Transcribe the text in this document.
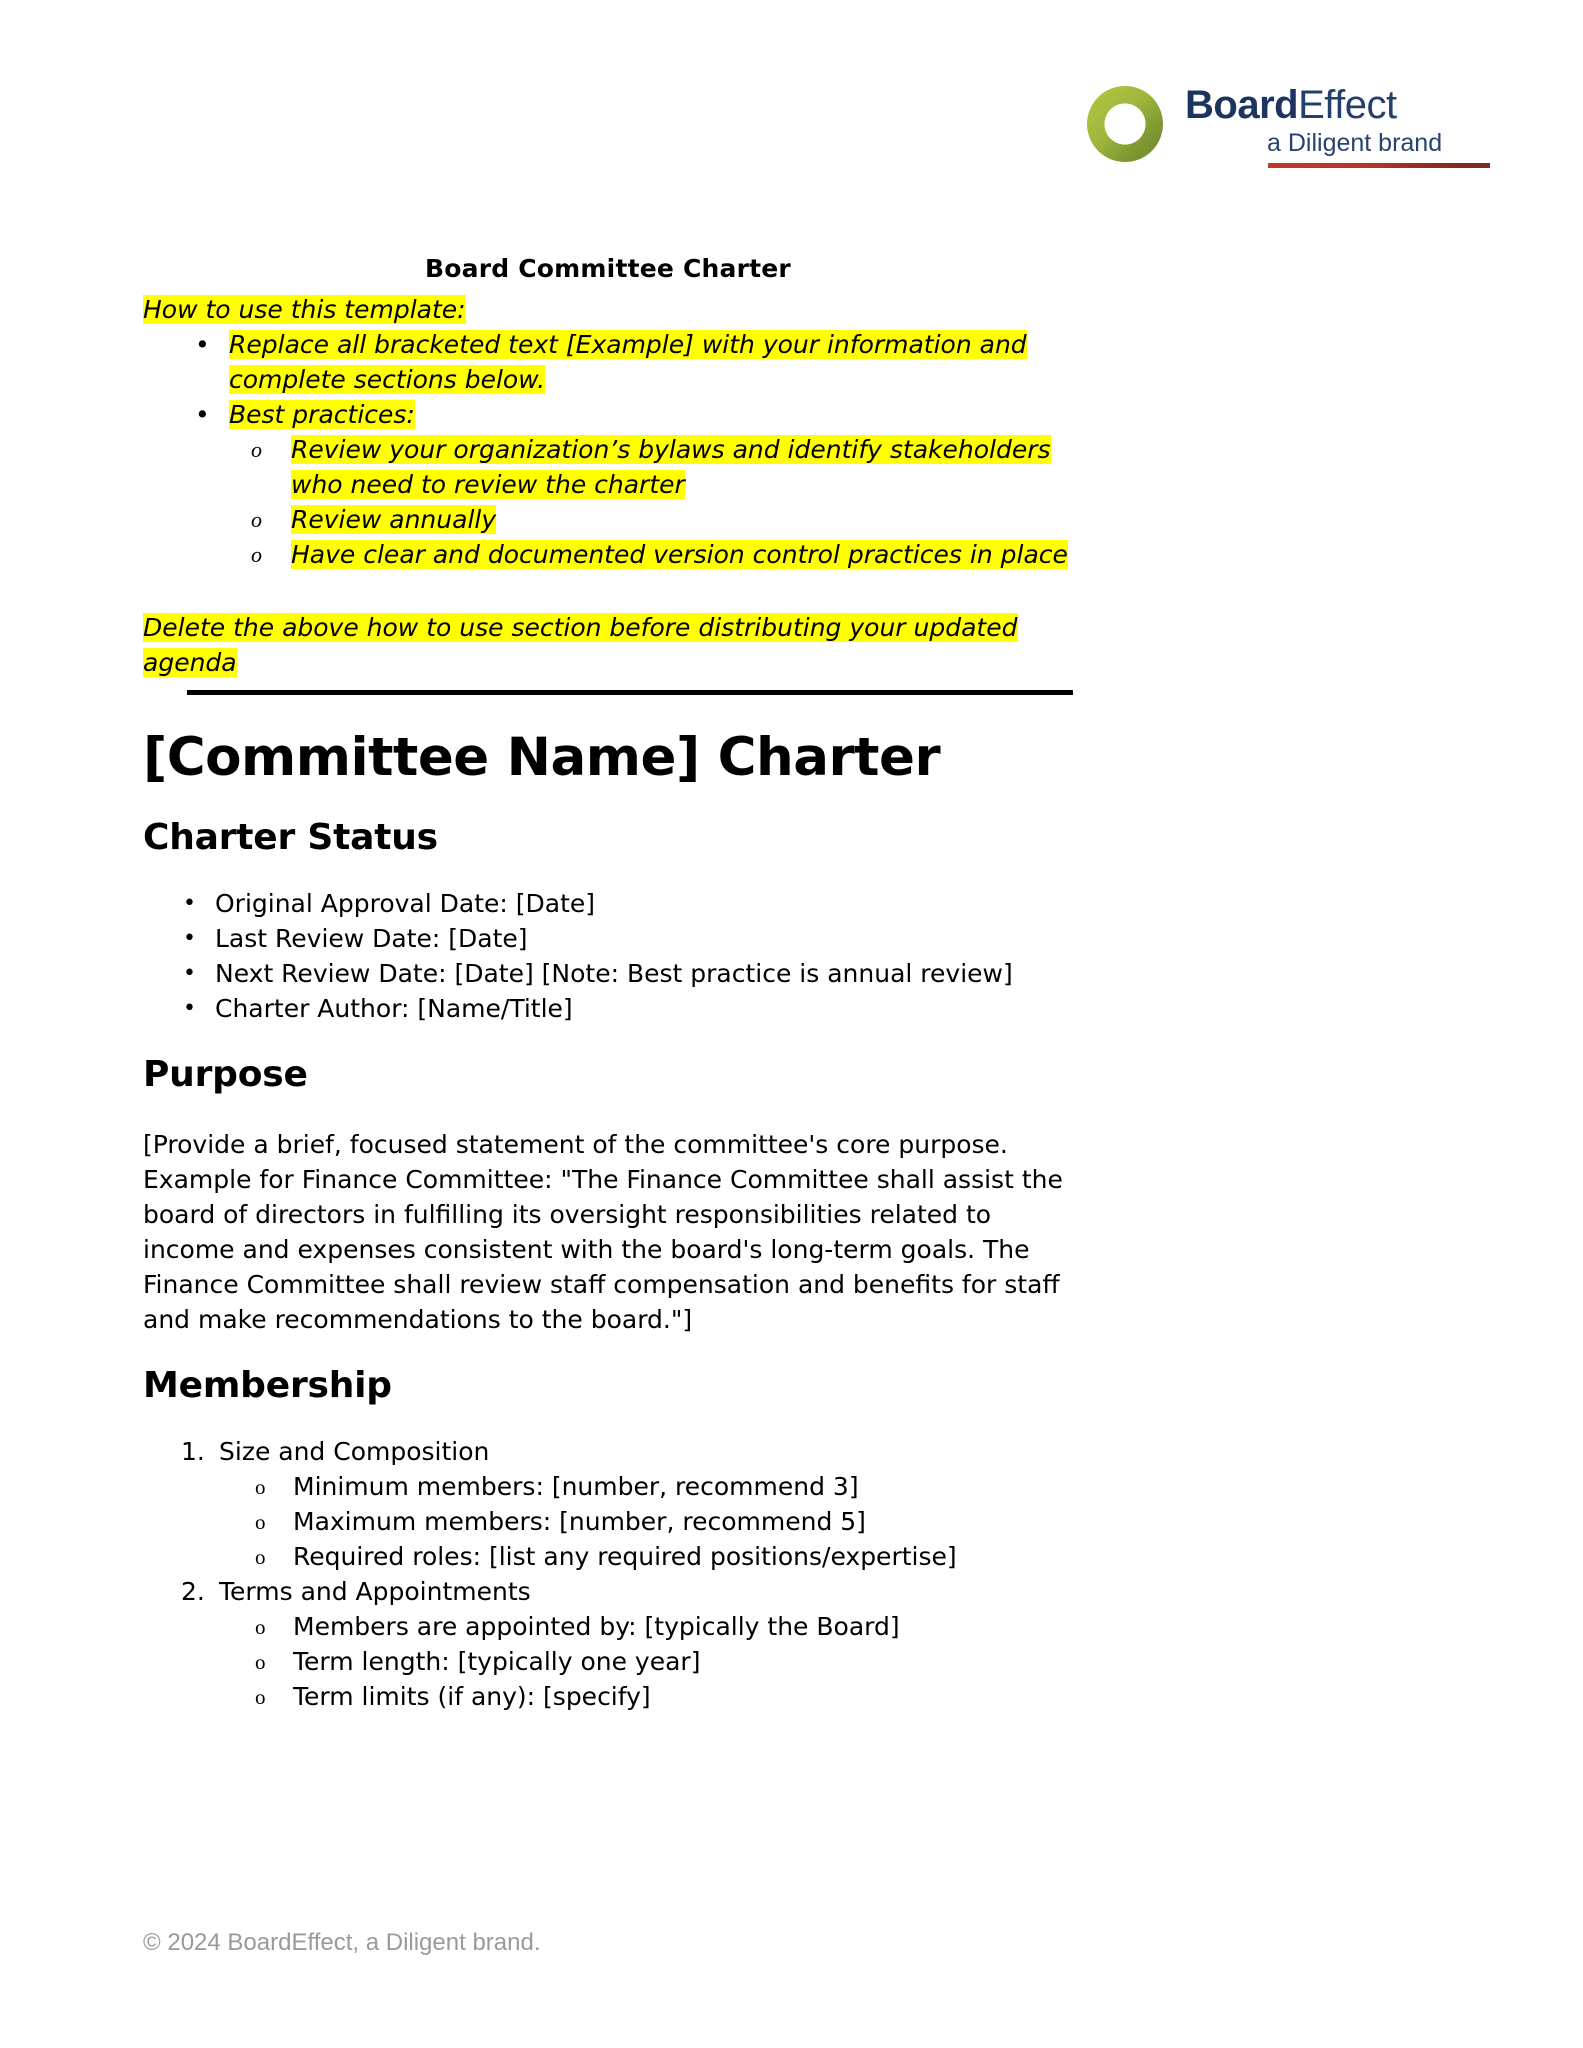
BoardEffect
a Diligent brand

Board Committee Charter

How to use this template:

• Replace all bracketed text [Example] with your information and complete sections below.
• Best practices:
o Review your organization’s bylaws and identify stakeholders who need to review the charter
o Review annually
o Have clear and documented version control practices in place

Delete the above how to use section before distributing your updated agenda

[Committee Name] Charter
Charter Status
• Original Approval Date: [Date]
• Last Review Date: [Date]
• Next Review Date: [Date] [Note: Best practice is annual review]
• Charter Author: [Name/Title]
Purpose

[Provide a brief, focused statement of the committee's core purpose. Example for Finance Committee: "The Finance Committee shall assist the board of directors in fulfilling its oversight responsibilities related to income and expenses consistent with the board's long-term goals. The Finance Committee shall review staff compensation and benefits for staff and make recommendations to the board."]

Membership
1. Size and Composition
o Minimum members: [number, recommend 3]
o Maximum members: [number, recommend 5]
o Required roles: [list any required positions/expertise]
2. Terms and Appointments
o Members are appointed by: [typically the Board]
o Term length: [typically one year]
o Term limits (if any): [specify]
© 2024 BoardEffect, a Diligent brand.
